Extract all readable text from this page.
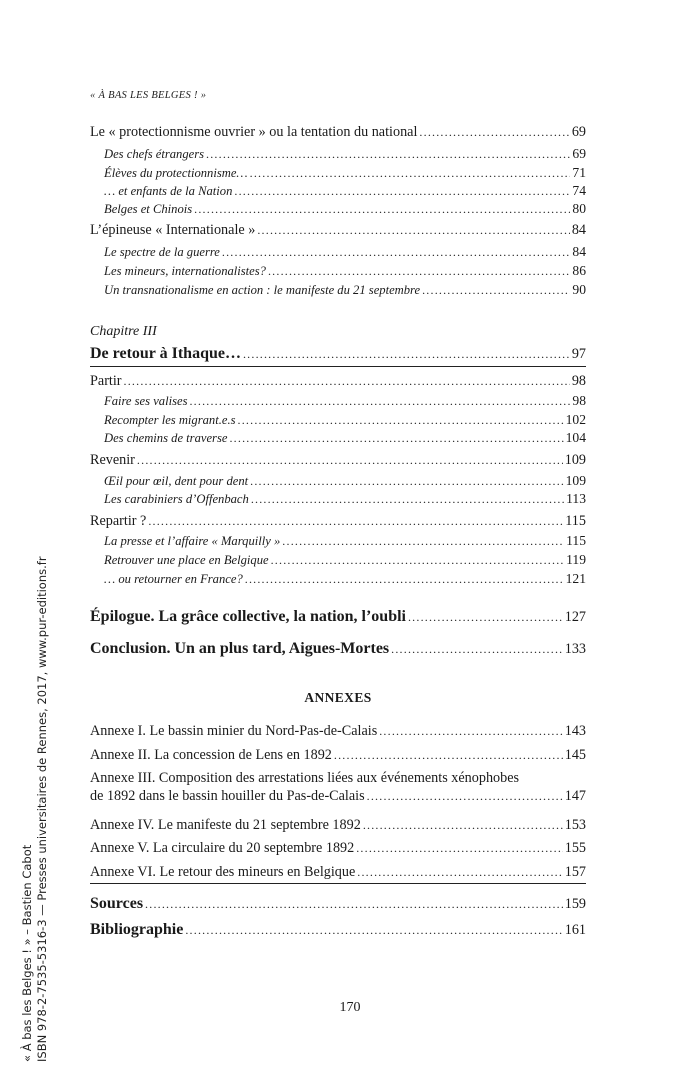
« À BAS LES BELGES ! »
Le « protectionnisme ouvrier » ou la tentation du national .....	69
Des chefs étrangers .....	69
Élèves du protectionnisme… .....	71
… et enfants de la Nation .....	74
Belges et Chinois .....	80
L’épineuse « Internationale » .....	84
Le spectre de la guerre .....	84
Les mineurs, internationalistes? .....	86
Un transnationalisme en action : le manifeste du 21 septembre .....	90
Chapitre III
De retour à Ithaque… .....	97
Partir .....	98
Faire ses valises .....	98
Recompter les migrant.e.s .....	102
Des chemins de traverse .....	104
Revenir .....	109
Œil pour œil, dent pour dent .....	109
Les carabiniers d’Offenbach .....	113
Repartir ? .....	115
La presse et l’affaire « Marquilly » .....	115
Retrouver une place en Belgique .....	119
… ou retourner en France? .....	121
Épilogue. La grâce collective, la nation, l’oubli .....	127
Conclusion. Un an plus tard, Aigues-Mortes .....	133
ANNEXES
Annexe I. Le bassin minier du Nord-Pas-de-Calais .....	143
Annexe II. La concession de Lens en 1892 .....	145
Annexe III. Composition des arrestations liées aux événements xénophobes
de 1892 dans le bassin houiller du Pas-de-Calais .....	147
Annexe IV. Le manifeste du 21 septembre 1892 .....	153
Annexe V. La circulaire du 20 septembre 1892 .....	155
Annexe VI. Le retour des mineurs en Belgique .....	157
Sources .....	159
Bibliographie .....	161
170
« À bas les Belges ! » – Bastien Cabot ISBN 978-2-7535-5316-3 — Presses universitaires de Rennes, 2017, www.pur-editions.fr
